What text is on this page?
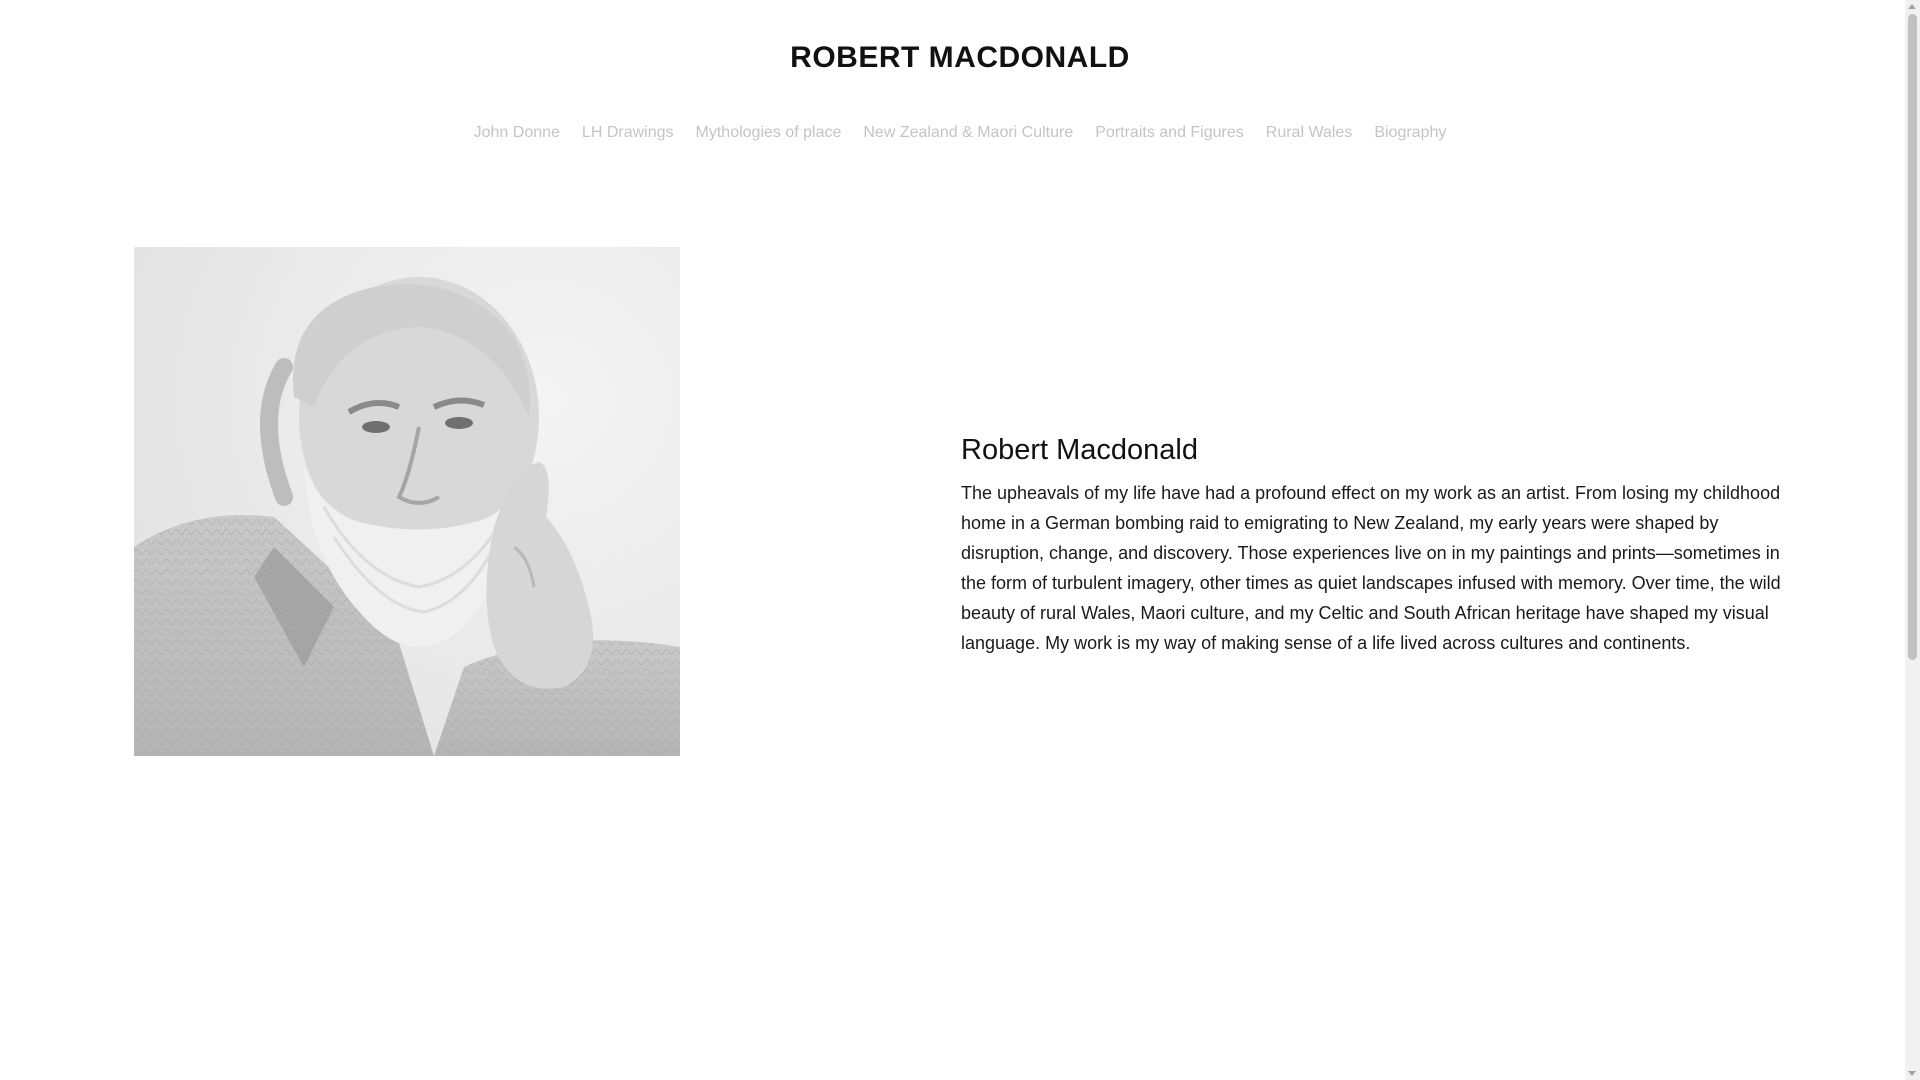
ROBERT MACDONALD
John Donne LH Drawings Mythologies of place New Zealand & Maori Culture Portraits and Figures Rural Wales Biography
Robert Macdonald

The upheavals of my life have had a profound effect on my work as an artist. From losing my childhood home in a German bombing raid to emigrating to New Zealand, my early years were shaped by disruption, change, and discovery. Those experiences live on in my paintings and prints—sometimes in the form of turbulent imagery, other times as quiet landscapes infused with memory. Over time, the wild beauty of rural Wales, Maori culture, and my Celtic and South African heritage have shaped my visual language. My work is my way of making sense of a life lived across cultures and continents.
